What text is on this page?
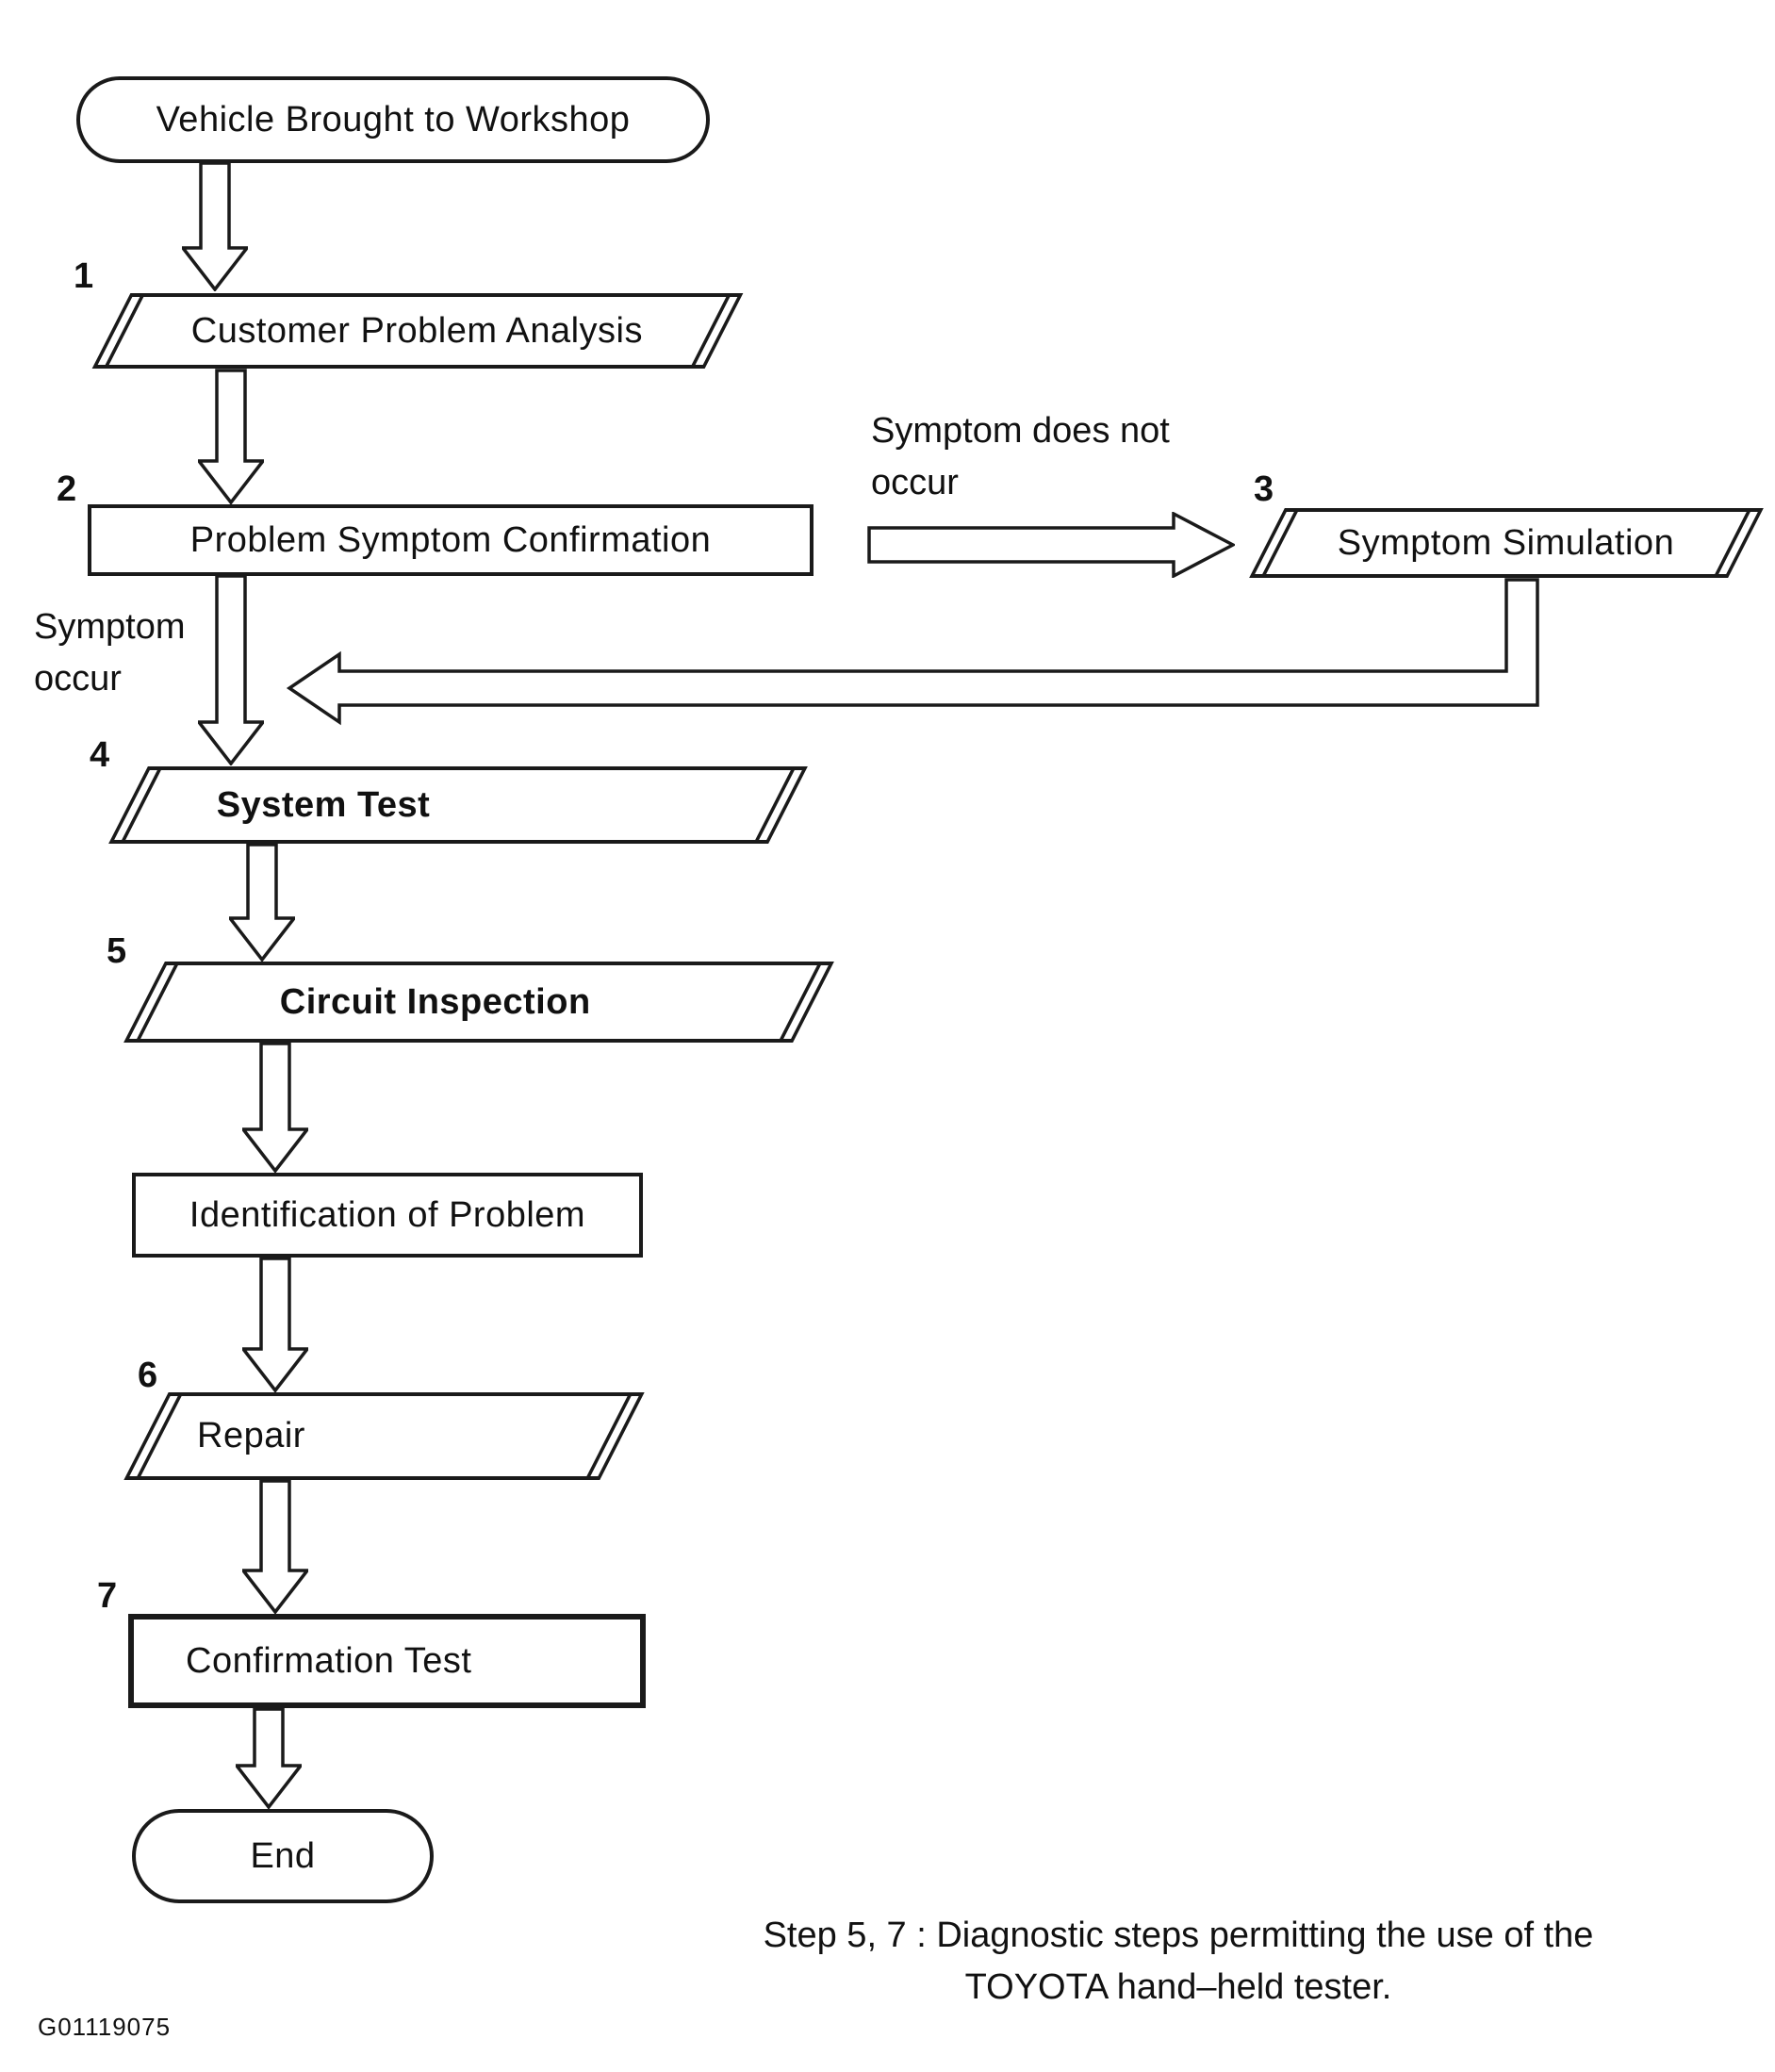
Vehicle Brought to Workshop
1
Customer Problem Analysis
2
Problem Symptom Confirmation
Symptom does not
occur	3
Symptom Simulation
Symptom
occur
4
System Test
5
Circuit Inspection
Identification of Problem
6
Repair
7
Confirmation Test
End
Step 5, 7 : Diagnostic steps permitting the use of the
TOYOTA hand–held tester.
G01119075
